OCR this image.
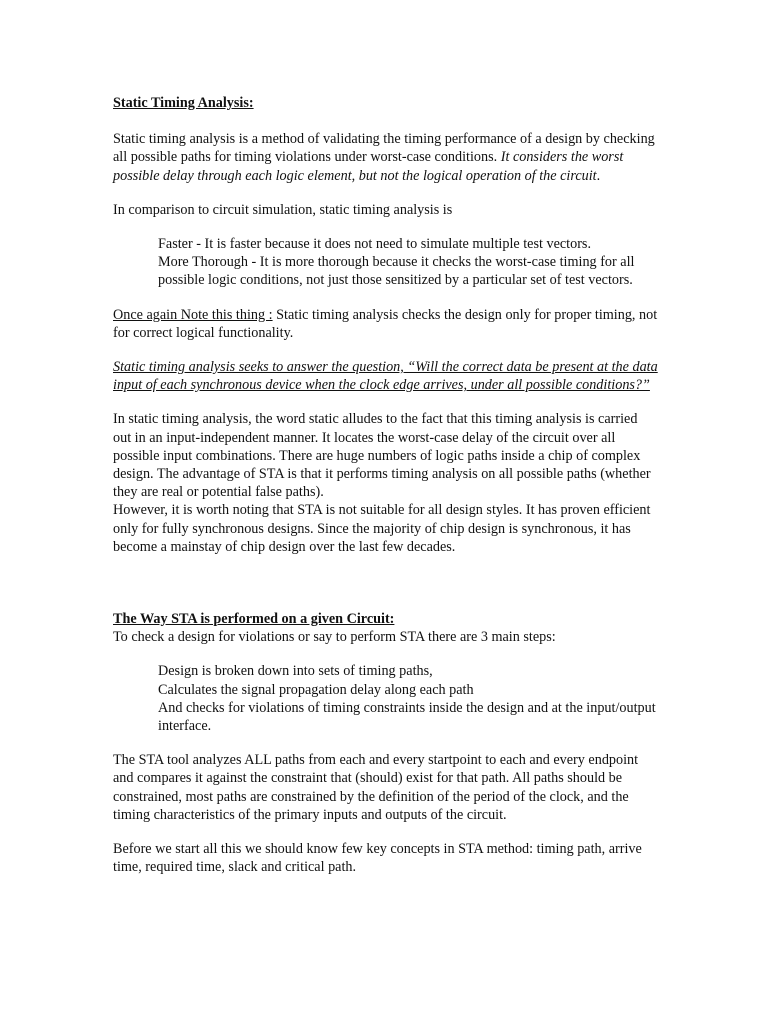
Static Timing Analysis:

Static timing analysis is a method of validating the timing performance of a design by checking all possible paths for timing violations under worst-case conditions. It considers the worst possible delay through each logic element, but not the logical operation of the circuit.

In comparison to circuit simulation, static timing analysis is

Faster - It is faster because it does not need to simulate multiple test vectors.

More Thorough - It is more thorough because it checks the worst-case timing for all possible logic conditions, not just those sensitized by a particular set of test vectors.

Once again Note this thing : Static timing analysis checks the design only for proper timing, not for correct logical functionality.

Static timing analysis seeks to answer the question, “Will the correct data be present at the data input of each synchronous device when the clock edge arrives, under all possible conditions?”

In static timing analysis, the word static alludes to the fact that this timing analysis is carried out in an input-independent manner. It locates the worst-case delay of the circuit over all possible input combinations. There are huge numbers of logic paths inside a chip of complex design. The advantage of STA is that it performs timing analysis on all possible paths (whether they are real or potential false paths).

However, it is worth noting that STA is not suitable for all design styles. It has proven efficient only for fully synchronous designs. Since the majority of chip design is synchronous, it has become a mainstay of chip design over the last few decades.

The Way STA is performed on a given Circuit:

To check a design for violations or say to perform STA there are 3 main steps:

Design is broken down into sets of timing paths,

Calculates the signal propagation delay along each path

And checks for violations of timing constraints inside the design and at the input/output interface.

The STA tool analyzes ALL paths from each and every startpoint to each and every endpoint and compares it against the constraint that (should) exist for that path. All paths should be constrained, most paths are constrained by the definition of the period of the clock, and the timing characteristics of the primary inputs and outputs of the circuit.

Before we start all this we should know few key concepts in STA method: timing path, arrive time, required time, slack and critical path.
